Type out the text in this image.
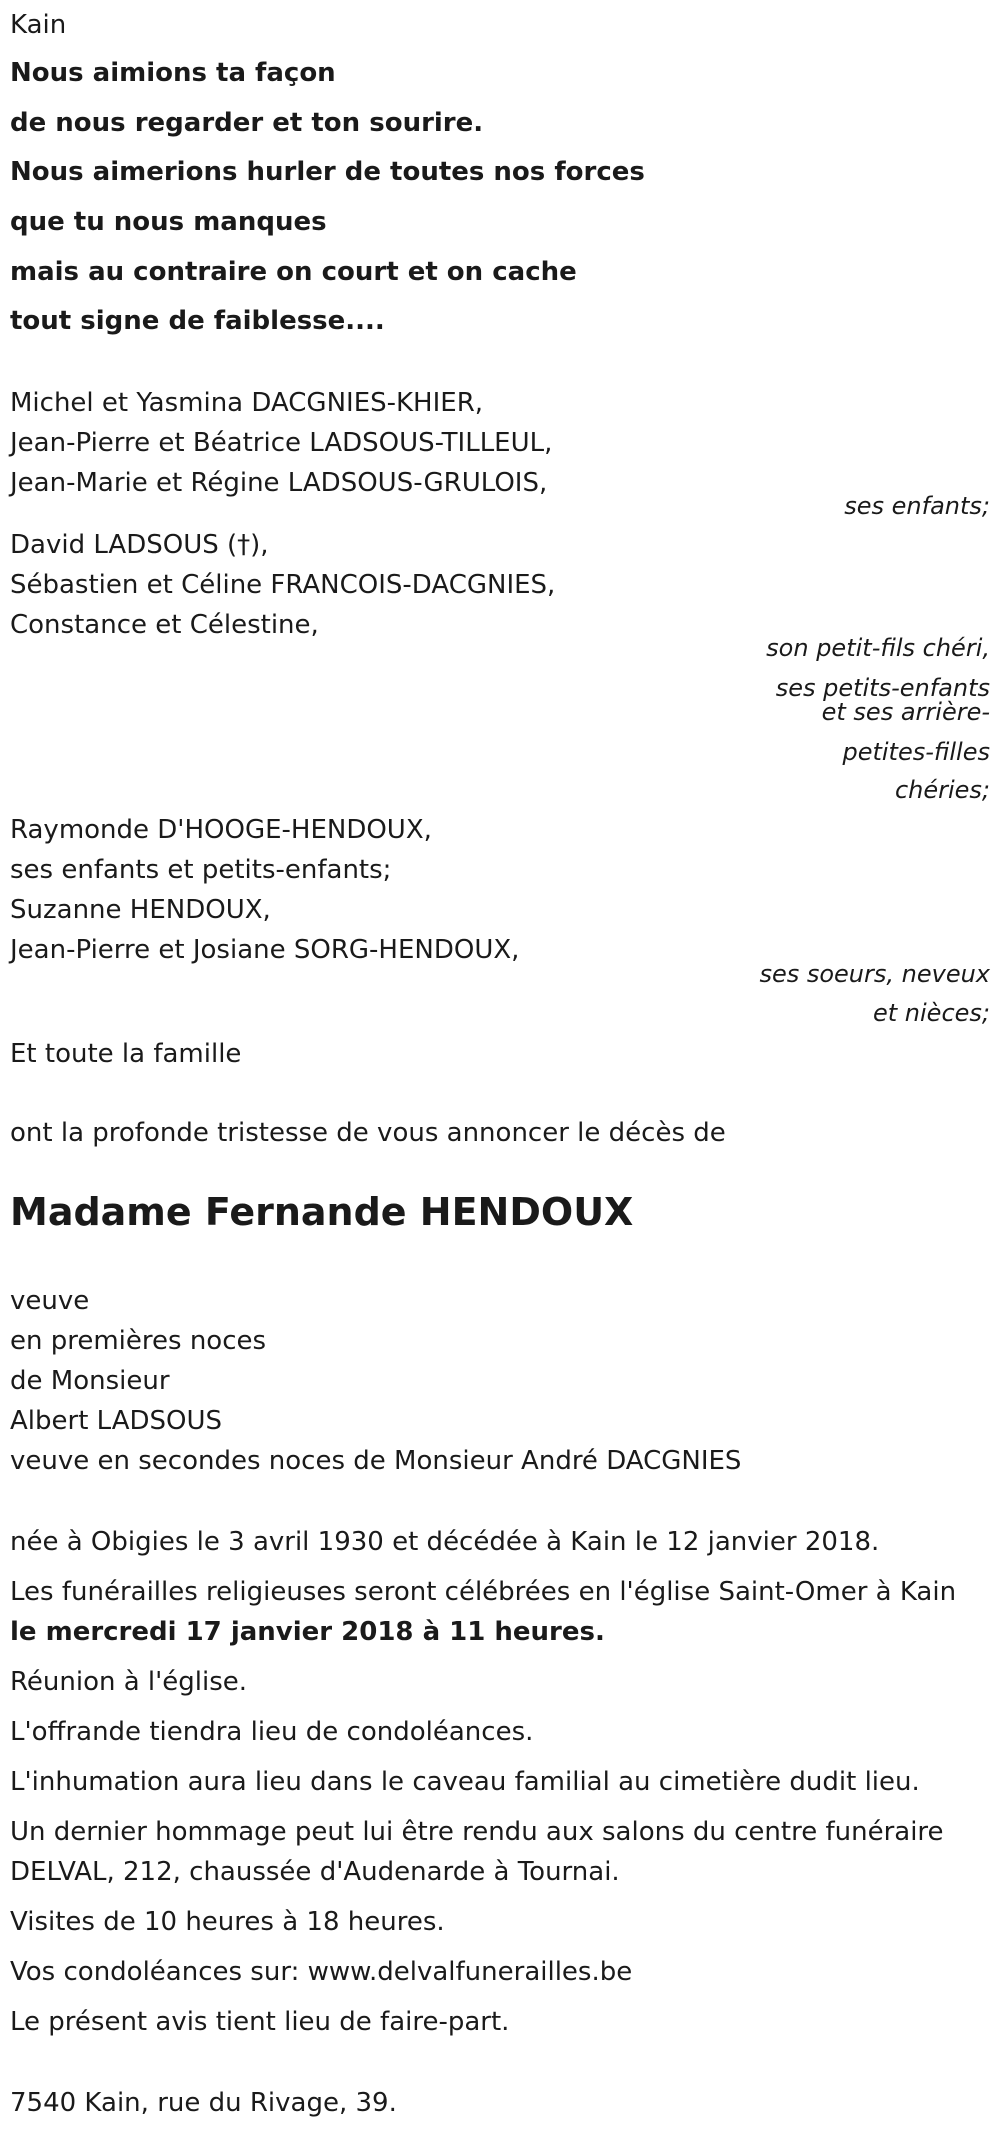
Kain
Nous aimions ta façon
de nous regarder et ton sourire.
Nous aimerions hurler de toutes nos forces
que tu nous manques
mais au contraire on court et on cache
tout signe de faiblesse....
Michel et Yasmina DACGNIES-KHIER,
Jean-Pierre et Béatrice LADSOUS-TILLEUL,
Jean-Marie et Régine LADSOUS-GRULOIS,
ses enfants;
David LADSOUS (†),
Sébastien et Céline FRANCOIS-DACGNIES,
Constance et Célestine,
son petit-fils chéri,
ses petits-enfants
et ses arrière-
petites-filles
chéries;
Raymonde D'HOOGE-HENDOUX,
ses enfants et petits-enfants;
Suzanne HENDOUX,
Jean-Pierre et Josiane SORG-HENDOUX,
ses soeurs, neveux
et nièces;
Et toute la famille
ont la profonde tristesse de vous annoncer le décès de
Madame Fernande HENDOUX
veuve
en premières noces
de Monsieur
Albert LADSOUS
veuve en secondes noces de Monsieur André DACGNIES
née à Obigies le 3 avril 1930 et décédée à Kain le 12 janvier 2018.
Les funérailles religieuses seront célébrées en l'église Saint-Omer à Kain
le mercredi 17 janvier 2018 à 11 heures.
Réunion à l'église.
L'offrande tiendra lieu de condoléances.
L'inhumation aura lieu dans le caveau familial au cimetière dudit lieu.
Un dernier hommage peut lui être rendu aux salons du centre funéraire
DELVAL, 212, chaussée d'Audenarde à Tournai.
Visites de 10 heures à 18 heures.
Vos condoléances sur: www.delvalfunerailles.be
Le présent avis tient lieu de faire-part.
7540 Kain, rue du Rivage, 39.
